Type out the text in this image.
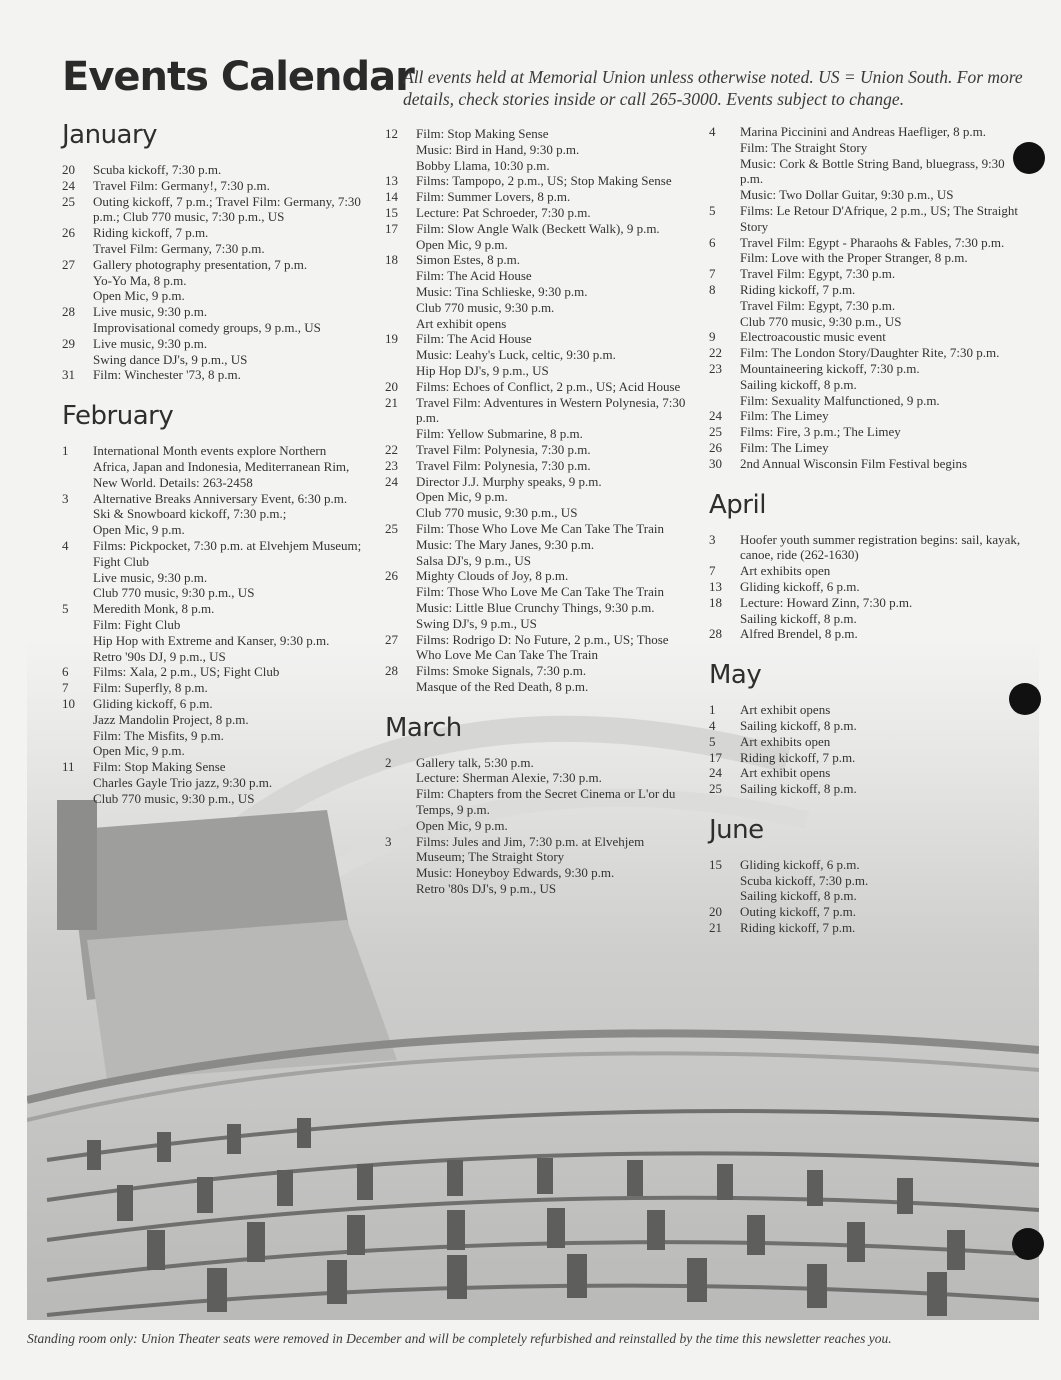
Events Calendar

All events held at Memorial Union unless otherwise noted. US = Union South. For more details, check stories inside or call 265-3000. Events subject to change.

January
20	Scuba kickoff, 7:30 p.m.
24	Travel Film: Germany!, 7:30 p.m.
25	Outing kickoff, 7 p.m.; Travel Film: Germany, 7:30 p.m.; Club 770 music, 7:30 p.m., US
26	Riding kickoff, 7 p.m.
Travel Film: Germany, 7:30 p.m.
27	Gallery photography presentation, 7 p.m.
Yo-Yo Ma, 8 p.m.
Open Mic, 9 p.m.
28	Live music, 9:30 p.m.
Improvisational comedy groups, 9 p.m., US
29	Live music, 9:30 p.m.
Swing dance DJ's, 9 p.m., US
31	Film: Winchester '73, 8 p.m.
February
1	International Month events explore Northern Africa, Japan and Indonesia, Mediterranean Rim, New World. Details: 263-2458
3	Alternative Breaks Anniversary Event, 6:30 p.m.
Ski & Snowboard kickoff, 7:30 p.m.;
Open Mic, 9 p.m.
4	Films: Pickpocket, 7:30 p.m. at Elvehjem Museum; Fight Club
Live music, 9:30 p.m.
Club 770 music, 9:30 p.m., US
5	Meredith Monk, 8 p.m.
Film: Fight Club
Hip Hop with Extreme and Kanser, 9:30 p.m.
Retro '90s DJ, 9 p.m., US
6	Films: Xala, 2 p.m., US; Fight Club
7	Film: Superfly, 8 p.m.
10	Gliding kickoff, 6 p.m.
Jazz Mandolin Project, 8 p.m.
Film: The Misfits, 9 p.m.
Open Mic, 9 p.m.
11	Film: Stop Making Sense
Charles Gayle Trio jazz, 9:30 p.m.
Club 770 music, 9:30 p.m., US
12	Film: Stop Making Sense
Music: Bird in Hand, 9:30 p.m.
Bobby Llama, 10:30 p.m.
13	Films: Tampopo, 2 p.m., US; Stop Making Sense
14	Film: Summer Lovers, 8 p.m.
15	Lecture: Pat Schroeder, 7:30 p.m.
17	Film: Slow Angle Walk (Beckett Walk), 9 p.m.
Open Mic, 9 p.m.
18	Simon Estes, 8 p.m.
Film: The Acid House
Music: Tina Schlieske, 9:30 p.m.
Club 770 music, 9:30 p.m.
Art exhibit opens
19	Film: The Acid House
Music: Leahy's Luck, celtic, 9:30 p.m.
Hip Hop DJ's, 9 p.m., US
20	Films: Echoes of Conflict, 2 p.m., US; Acid House
21	Travel Film: Adventures in Western Polynesia, 7:30 p.m.
Film: Yellow Submarine, 8 p.m.
22	Travel Film: Polynesia, 7:30 p.m.
23	Travel Film: Polynesia, 7:30 p.m.
24	Director J.J. Murphy speaks, 9 p.m.
Open Mic, 9 p.m.
Club 770 music, 9:30 p.m., US
25	Film: Those Who Love Me Can Take The Train
Music: The Mary Janes, 9:30 p.m.
Salsa DJ's, 9 p.m., US
26	Mighty Clouds of Joy, 8 p.m.
Film: Those Who Love Me Can Take The Train
Music: Little Blue Crunchy Things, 9:30 p.m.
Swing DJ's, 9 p.m., US
27	Films: Rodrigo D: No Future, 2 p.m., US; Those Who Love Me Can Take The Train
28	Films: Smoke Signals, 7:30 p.m.
Masque of the Red Death, 8 p.m.
March
2	Gallery talk, 5:30 p.m.
Lecture: Sherman Alexie, 7:30 p.m.
Film: Chapters from the Secret Cinema or L'or du Temps, 9 p.m.
Open Mic, 9 p.m.
3	Films: Jules and Jim, 7:30 p.m. at Elvehjem Museum; The Straight Story
Music: Honeyboy Edwards, 9:30 p.m.
Retro '80s DJ's, 9 p.m., US
4	Marina Piccinini and Andreas Haefliger, 8 p.m.
Film: The Straight Story
Music: Cork & Bottle String Band, bluegrass, 9:30 p.m.
Music: Two Dollar Guitar, 9:30 p.m., US
5	Films: Le Retour D'Afrique, 2 p.m., US; The Straight Story
6	Travel Film: Egypt - Pharaohs & Fables, 7:30 p.m.
Film: Love with the Proper Stranger, 8 p.m.
7	Travel Film: Egypt, 7:30 p.m.
8	Riding kickoff, 7 p.m.
Travel Film: Egypt, 7:30 p.m.
Club 770 music, 9:30 p.m., US
9	Electroacoustic music event
22	Film: The London Story/Daughter Rite, 7:30 p.m.
23	Mountaineering kickoff, 7:30 p.m.
Sailing kickoff, 8 p.m.
Film: Sexuality Malfunctioned, 9 p.m.
24	Film: The Limey
25	Films: Fire, 3 p.m.; The Limey
26	Film: The Limey
30	2nd Annual Wisconsin Film Festival begins
April
3	Hoofer youth summer registration begins: sail, kayak, canoe, ride (262-1630)
7	Art exhibits open
13	Gliding kickoff, 6 p.m.
18	Lecture: Howard Zinn, 7:30 p.m.
Sailing kickoff, 8 p.m.
28	Alfred Brendel, 8 p.m.
May
1	Art exhibit opens
4	Sailing kickoff, 8 p.m.
5	Art exhibits open
17	Riding kickoff, 7 p.m.
24	Art exhibit opens
25	Sailing kickoff, 8 p.m.
June
15	Gliding kickoff, 6 p.m.
Scuba kickoff, 7:30 p.m.
Sailing kickoff, 8 p.m.
20	Outing kickoff, 7 p.m.
21	Riding kickoff, 7 p.m.

Standing room only: Union Theater seats were removed in December and will be completely refurbished and reinstalled by the time this newsletter reaches you.
